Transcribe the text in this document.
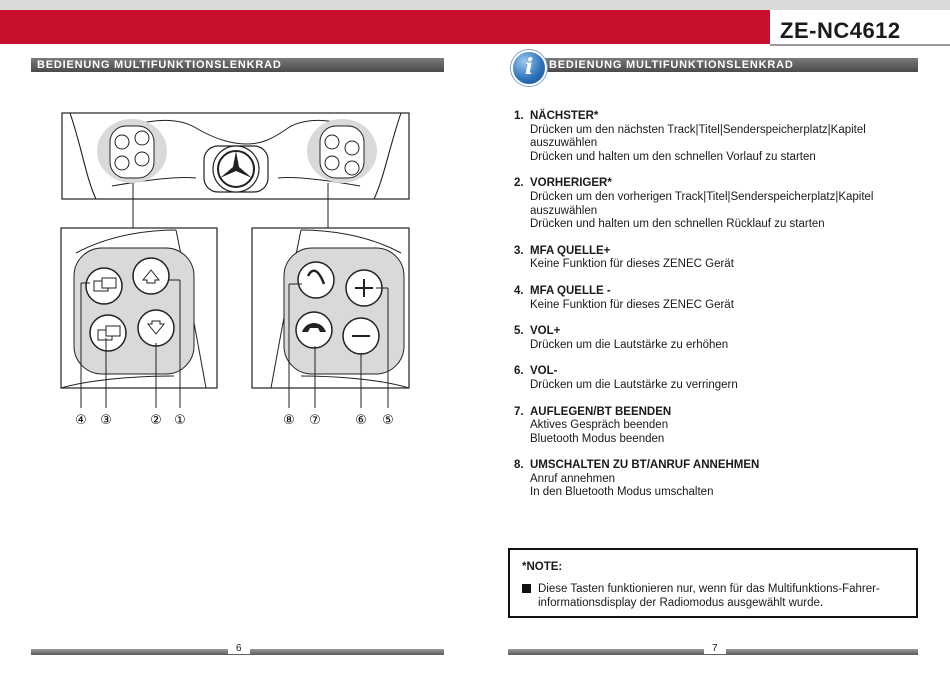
ZE-NC4612
BEDIENUNG MULTIFUNKTIONSLENKRAD	BEDIENUNG MULTIFUNKTIONSLENKRAD
i
④ ③	② ①	⑧ ⑦	⑥ ⑤
1. NÄCHSTER*
Drücken um den nächsten Track|Titel|Senderspeicherplatz|Kapitel
auszuwählen
Drücken und halten um den schnellen Vorlauf zu starten
2. VORHERIGER*
Drücken um den vorherigen Track|Titel|Senderspeicherplatz|Kapitel
auszuwählen
Drücken und halten um den schnellen Rücklauf zu starten
3. MFA QUELLE+
Keine Funktion für dieses ZENEC Gerät
4. MFA QUELLE -
Keine Funktion für dieses ZENEC Gerät
5. VOL+
Drücken um die Lautstärke zu erhöhen
6. VOL-
Drücken um die Lautstärke zu verringern
7. AUFLEGEN/BT BEENDEN
Aktives Gespräch beenden
Bluetooth Modus beenden
8. UMSCHALTEN ZU BT/ANRUF ANNEHMEN
Anruf annehmen
In den Bluetooth Modus umschalten
*NOTE:
Diese Tasten funktionieren nur, wenn für das Multifunktions-Fahrer-
informationsdisplay der Radiomodus ausgewählt wurde.
6	7
